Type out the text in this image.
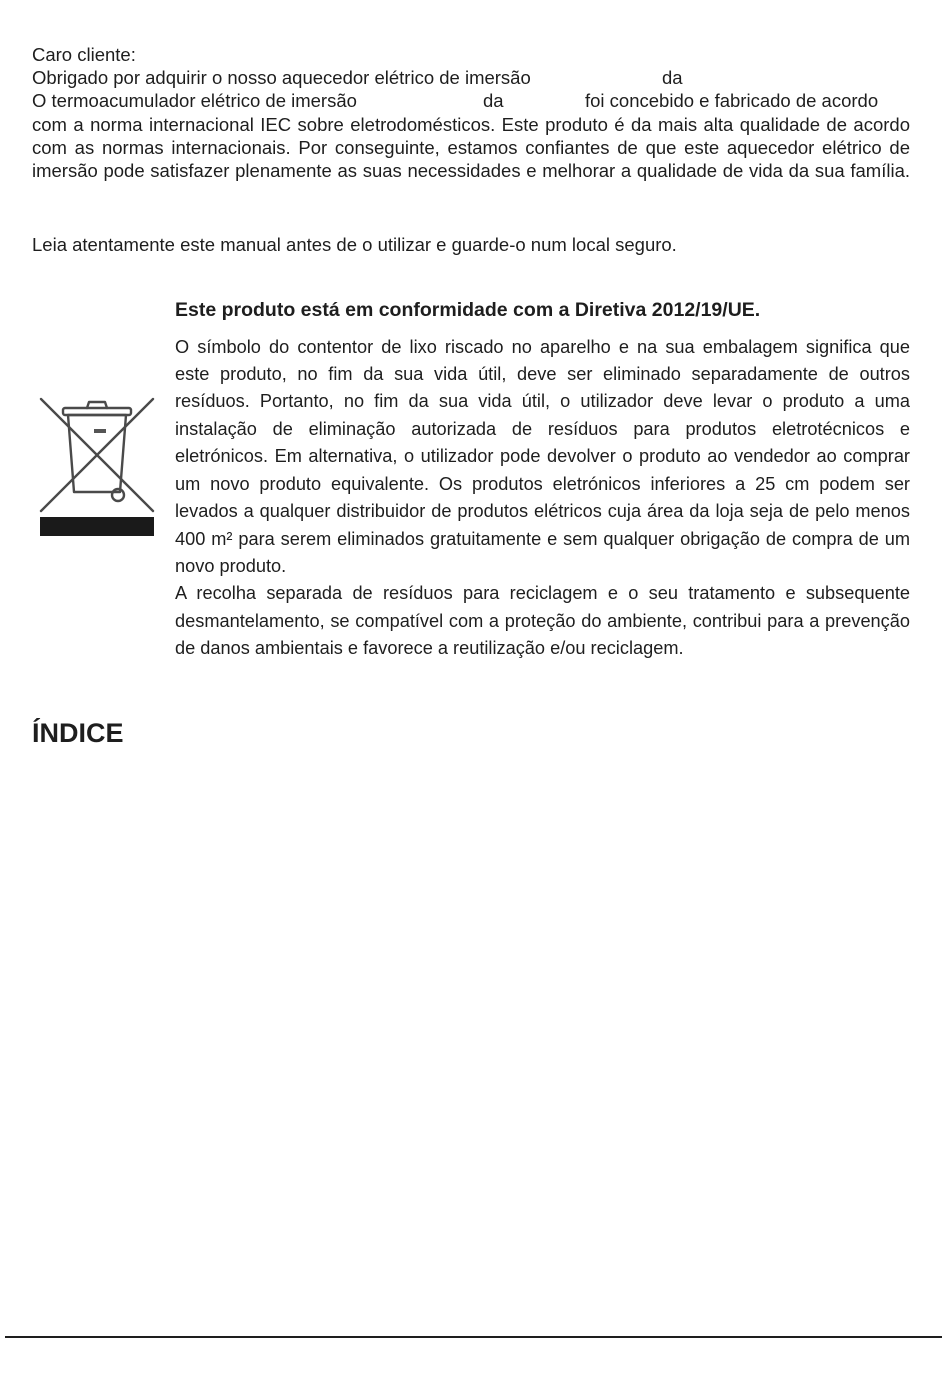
Caro cliente:
Obrigado por adquirir o nosso aquecedor elétrico de imersão	da
O termoacumulador elétrico de imersão	da	foi concebido e fabricado de acordo
com a norma internacional IEC sobre eletrodomésticos. Este produto é da mais alta qualidade de acordo
com as normas internacionais. Por conseguinte, estamos confiantes de que este aquecedor elétrico de
imersão pode satisfazer plenamente as suas necessidades e melhorar a qualidade de vida da sua família.
Leia atentamente este manual antes de o utilizar e guarde-o num local seguro.
Este produto está em conformidade com a Diretiva 2012/19/UE.
O símbolo do contentor de lixo riscado no aparelho e na sua embalagem significa que
este produto, no fim da sua vida útil, deve ser eliminado separadamente de outros
resíduos. Portanto, no fim da sua vida útil, o utilizador deve levar o produto a uma
instalação de eliminação autorizada de resíduos para produtos eletrotécnicos e
eletrónicos. Em alternativa, o utilizador pode devolver o produto ao vendedor ao comprar
um novo produto equivalente. Os produtos eletrónicos inferiores a 25 cm podem ser
levados a qualquer distribuidor de produtos elétricos cuja área da loja seja de pelo menos
400 m² para serem eliminados gratuitamente e sem qualquer obrigação de compra de um
novo produto.
A recolha separada de resíduos para reciclagem e o seu tratamento e subsequente
desmantelamento, se compatível com a proteção do ambiente, contribui para a prevenção
de danos ambientais e favorece a reutilização e/ou reciclagem.
ÍNDICE
